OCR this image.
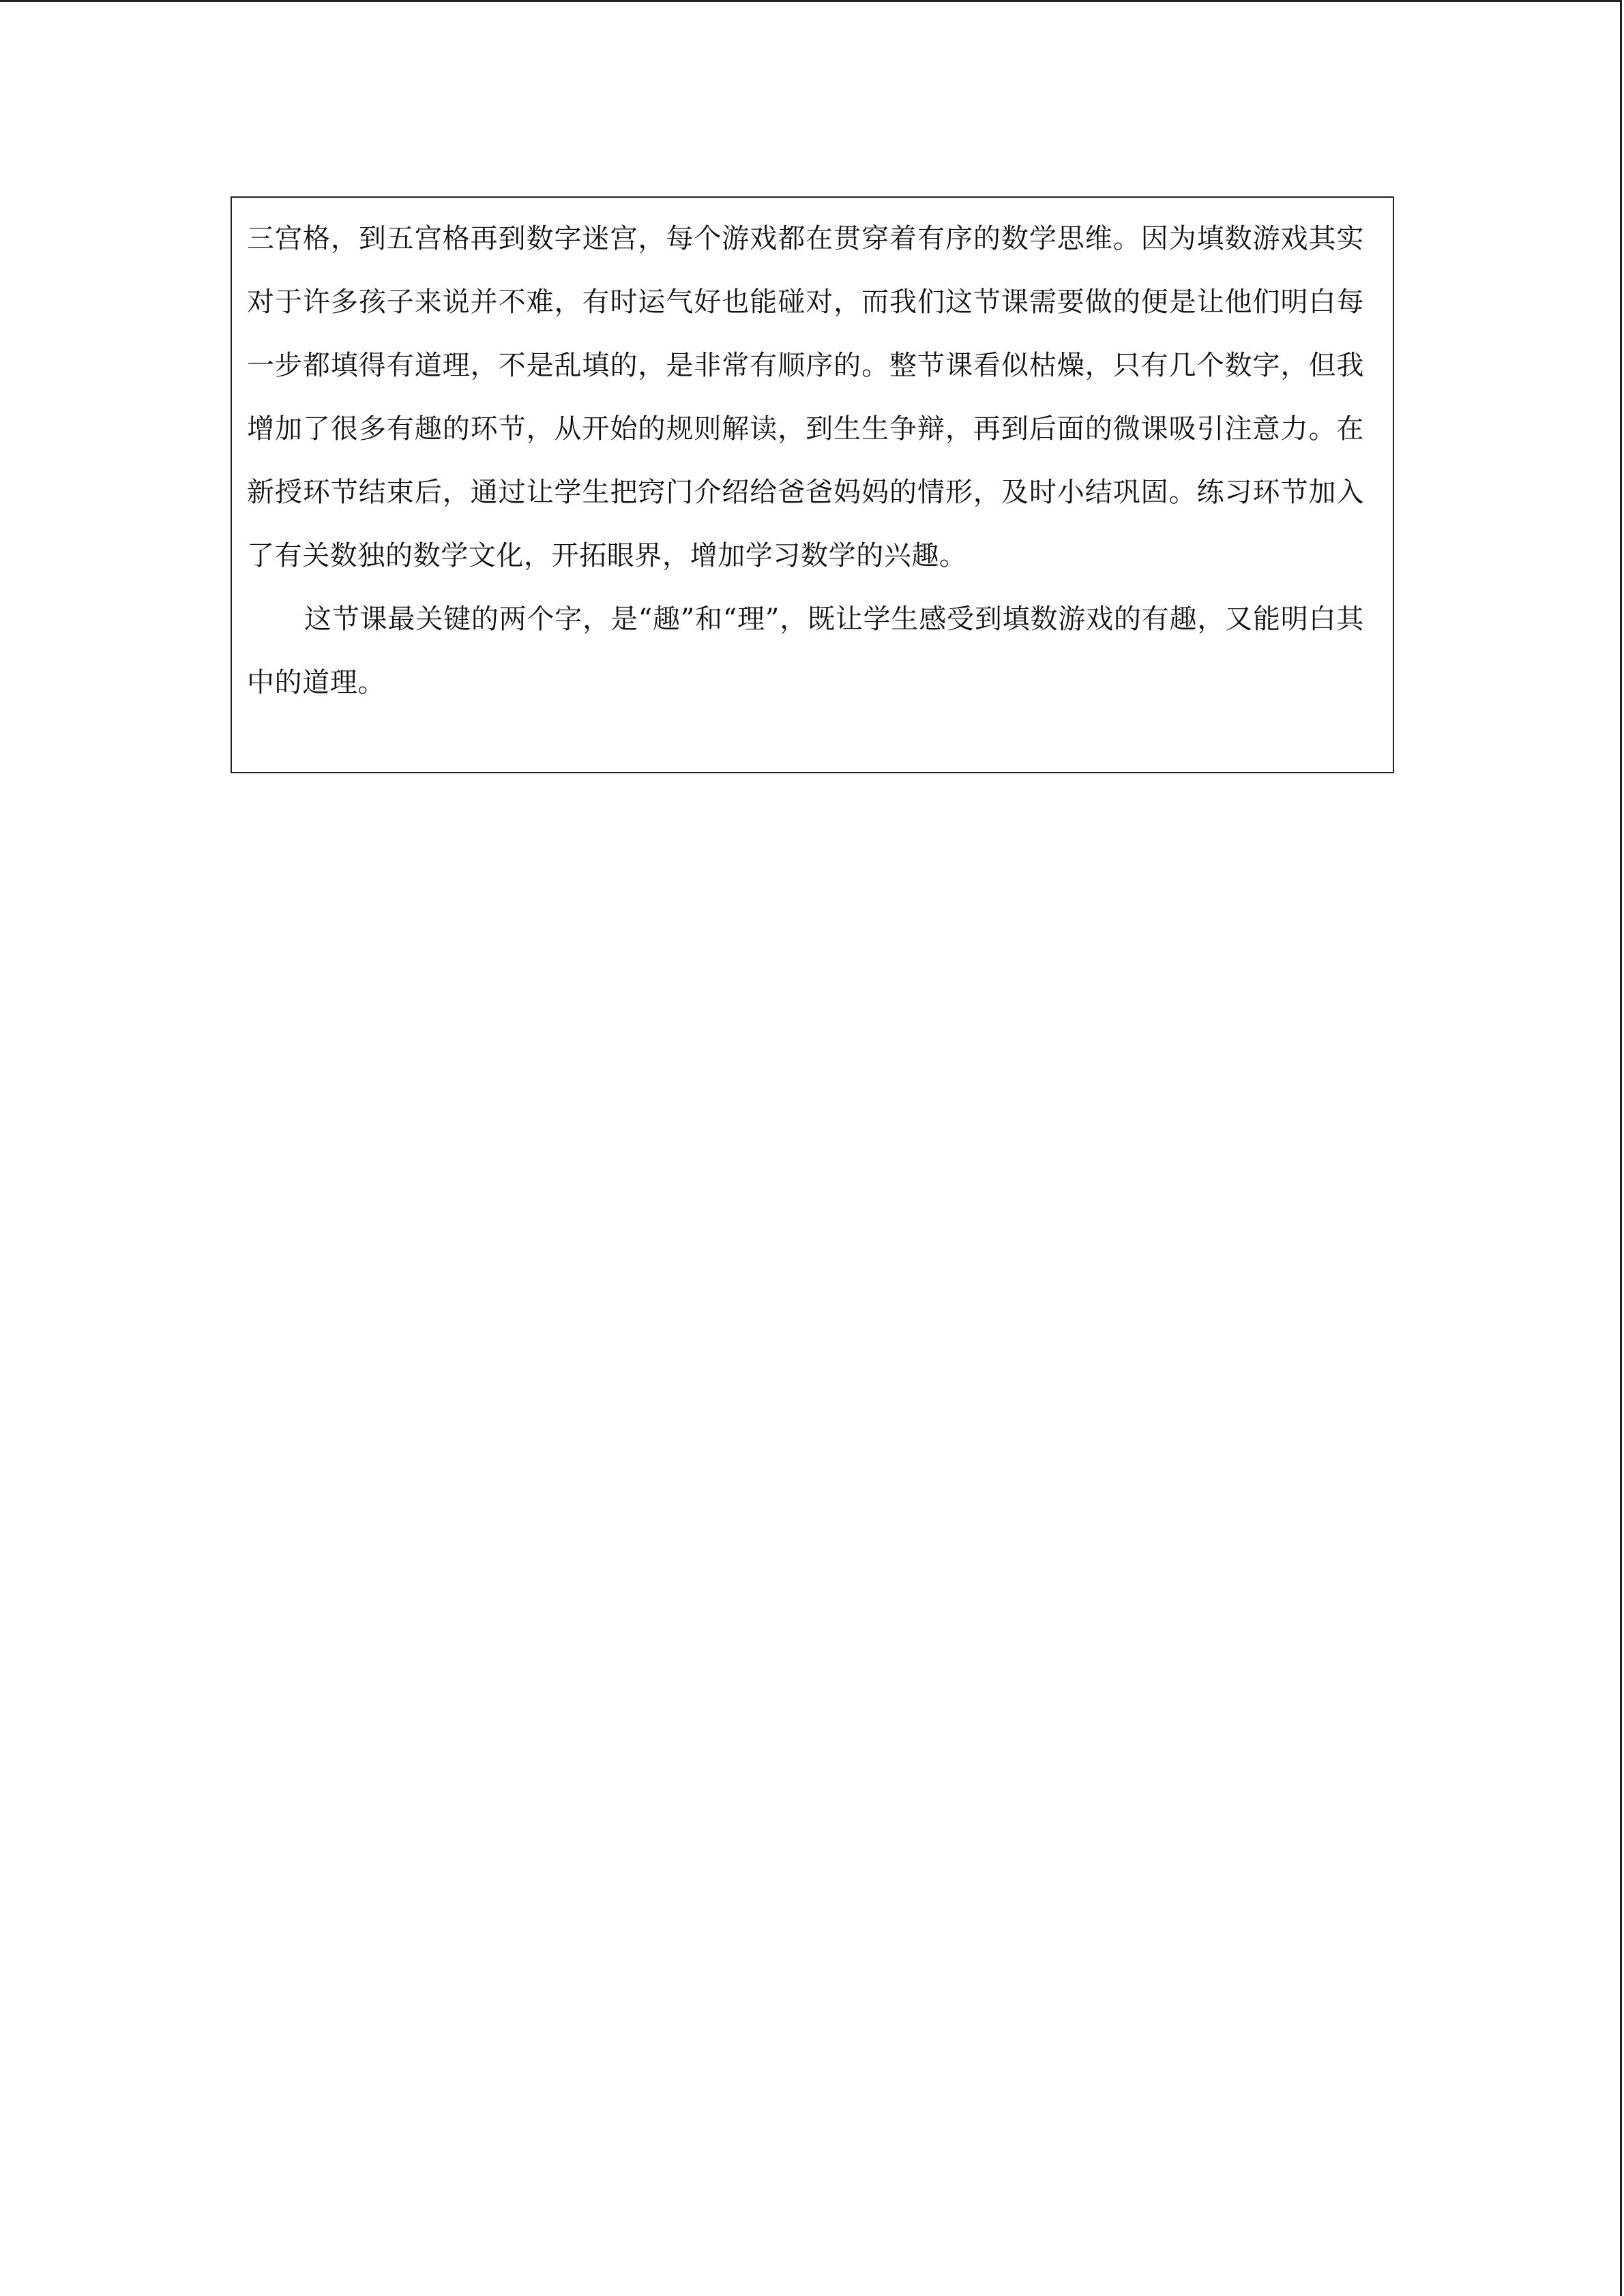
三宫格，到五宫格再到数字迷宫，每个游戏都在贯穿着有序的数学思维。因为填数游戏其实对于许多孩子来说并不难，有时运气好也能碰对，而我们这节课需要做的便是让他们明白每一步都填得有道理，不是乱填的，是非常有顺序的。整节课看似枯燥，只有几个数字，但我增加了很多有趣的环节，从开始的规则解读，到生生争辩，再到后面的微课吸引注意力。在新授环节结束后，通过让学生把窍门介绍给爸爸妈妈的情形，及时小结巩固。练习环节加入了有关数独的数学文化，开拓眼界，增加学习数学的兴趣。

这节课最关键的两个字，是“趣”和“理”，既让学生感受到填数游戏的有趣，又能明白其中的道理。
